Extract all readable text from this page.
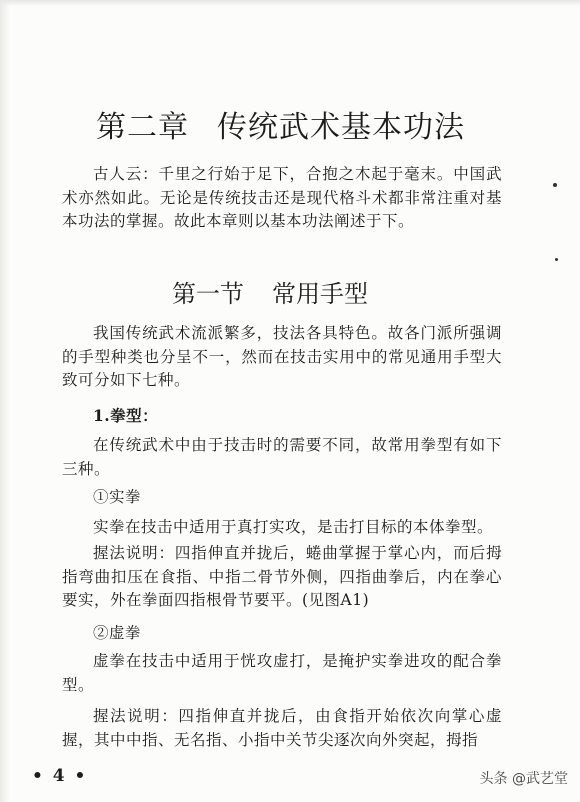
第二章 传统武术基本功法

古人云：千里之行始于足下，合抱之木起于毫末。中国武术亦然如此。无论是传统技击还是现代格斗术都非常注重对基本功法的掌握。故此本章则以基本功法阐述于下。

第一节 常用手型

我国传统武术流派繁多，技法各具特色。故各门派所强调的手型种类也分呈不一，然而在技击实用中的常见通用手型大致可分如下七种。

1.拳型：

在传统武术中由于技击时的需要不同，故常用拳型有如下三种。

①实拳

实拳在技击中适用于真打实攻，是击打目标的本体拳型。

握法说明：四指伸直并拢后，蜷曲掌握于掌心内，而后拇指弯曲扣压在食指、中指二骨节外侧，四指曲拳后，内在拳心要实，外在拳面四指根骨节要平。(见图A1)

②虚拳

虚拳在技击中适用于恍攻虚打，是掩护实拳进攻的配合拳型。

握法说明：四指伸直并拢后，由食指开始依次向掌心虚握，其中中指、无名指、小指中关节尖逐次向外突起，拇指

• 4 •	头条 @武艺堂
